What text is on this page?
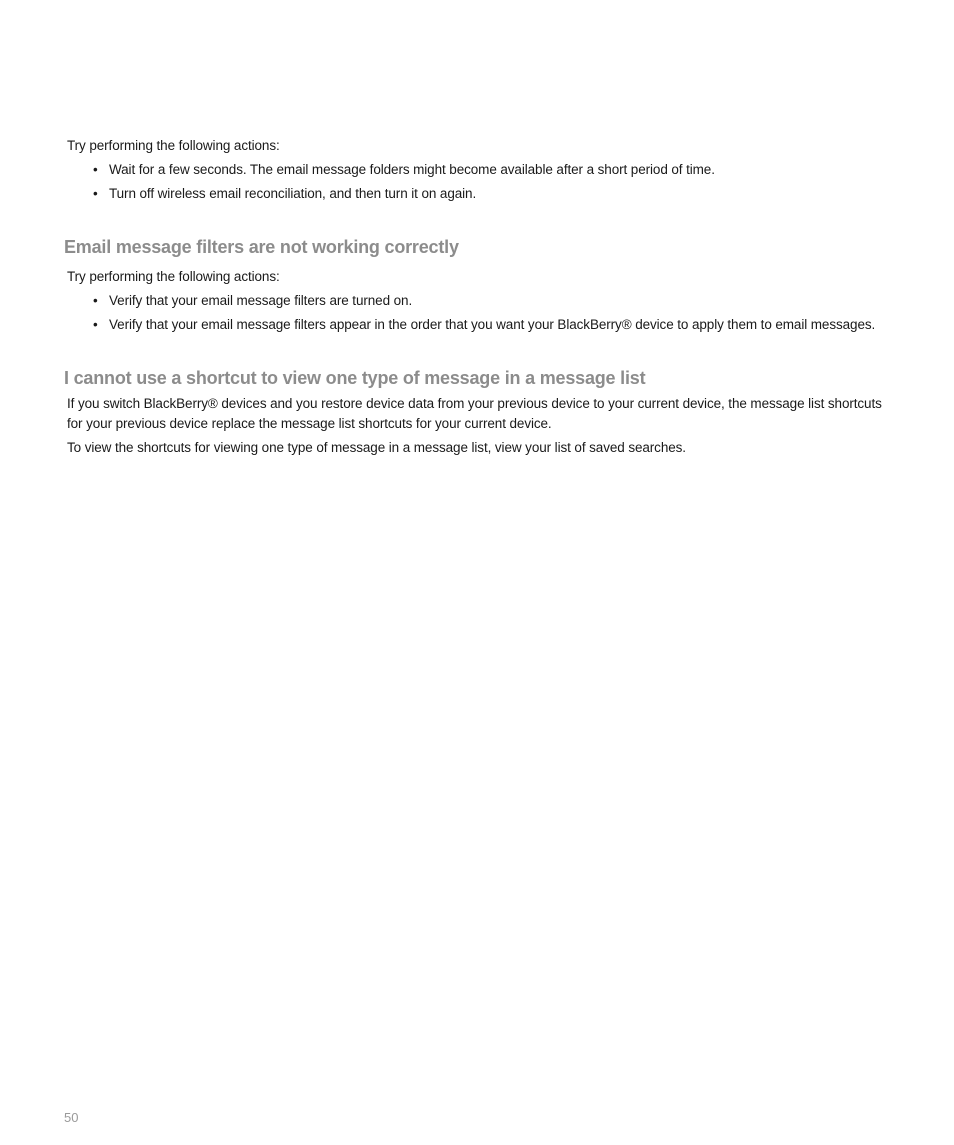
Try performing the following actions:

• Wait for a few seconds. The email message folders might become available after a short period of time.
• Turn off wireless email reconciliation, and then turn it on again.
Email message filters are not working correctly

Try performing the following actions:

• Verify that your email message filters are turned on.
• Verify that your email message filters appear in the order that you want your BlackBerry® device to apply them to email messages.
I cannot use a shortcut to view one type of message in a message list

If you switch BlackBerry® devices and you restore device data from your previous device to your current device, the message list shortcuts for your previous device replace the message list shortcuts for your current device.

To view the shortcuts for viewing one type of message in a message list, view your list of saved searches.

50
